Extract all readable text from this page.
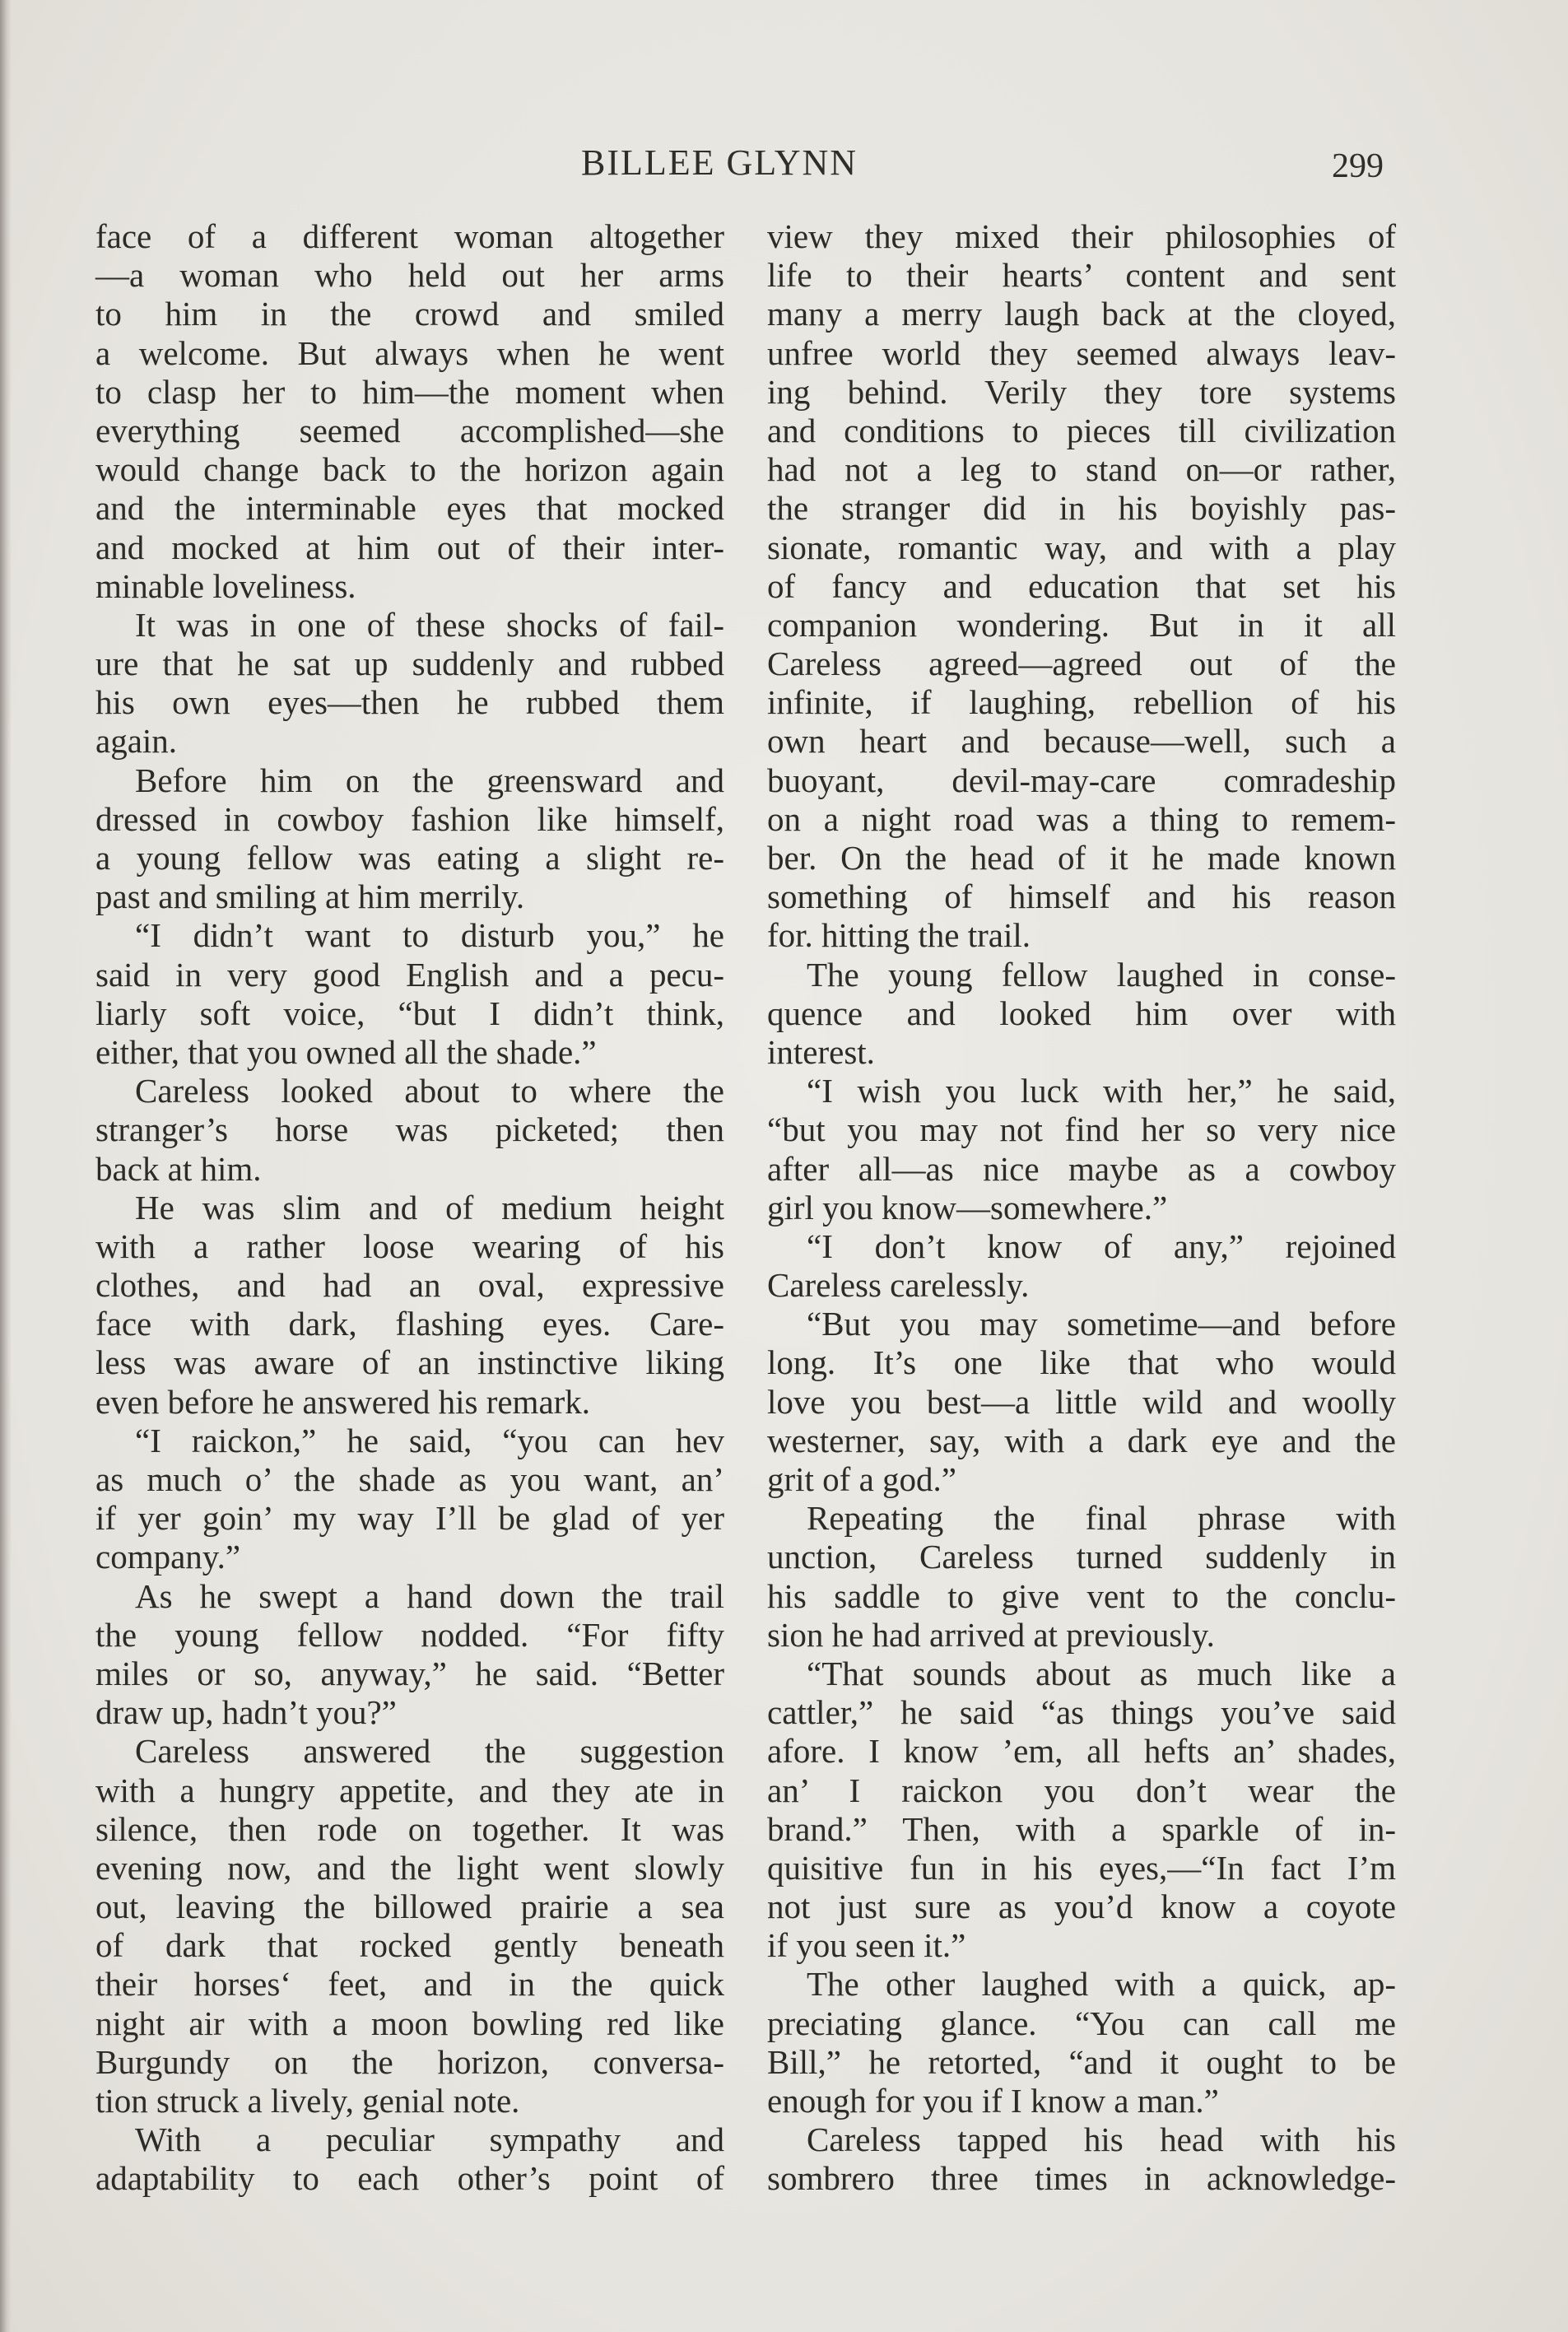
BILLEE GLYNN	299
face of a different woman altogether
—a woman who held out her arms
to him in the crowd and smiled
a welcome. But always when he went
to clasp her to him—the moment when
everything seemed accomplished—she
would change back to the horizon again
and the interminable eyes that mocked
and mocked at him out of their inter-
minable loveliness.
It was in one of these shocks of fail-
ure that he sat up suddenly and rubbed
his own eyes—then he rubbed them
again.
Before him on the greensward and
dressed in cowboy fashion like himself,
a young fellow was eating a slight re-
past and smiling at him merrily.
“I didn’t want to disturb you,” he
said in very good English and a pecu-
liarly soft voice, “but I didn’t think,
either, that you owned all the shade.”
Careless looked about to where the
stranger’s horse was picketed; then
back at him.
He was slim and of medium height
with a rather loose wearing of his
clothes, and had an oval, expressive
face with dark, flashing eyes. Care-
less was aware of an instinctive liking
even before he answered his remark.
“I raickon,” he said, “you can hev
as much o’ the shade as you want, an’
if yer goin’ my way I’ll be glad of yer
company.”
As he swept a hand down the trail
the young fellow nodded. “For fifty
miles or so, anyway,” he said. “Better
draw up, hadn’t you?”
Careless answered the suggestion
with a hungry appetite, and they ate in
silence, then rode on together. It was
evening now, and the light went slowly
out, leaving the billowed prairie a sea
of dark that rocked gently beneath
their horses‘ feet, and in the quick
night air with a moon bowling red like
Burgundy on the horizon, conversa-
tion struck a lively, genial note.
With a peculiar sympathy and
adaptability to each other’s point of
view they mixed their philosophies of
life to their hearts’ content and sent
many a merry laugh back at the cloyed,
unfree world they seemed always leav-
ing behind. Verily they tore systems
and conditions to pieces till civilization
had not a leg to stand on—or rather,
the stranger did in his boyishly pas-
sionate, romantic way, and with a play
of fancy and education that set his
companion wondering. But in it all
Careless agreed—agreed out of the
infinite, if laughing, rebellion of his
own heart and because—well, such a
buoyant, devil-may-care comradeship
on a night road was a thing to remem-
ber. On the head of it he made known
something of himself and his reason
for. hitting the trail.
The young fellow laughed in conse-
quence and looked him over with
interest.
“I wish you luck with her,” he said,
“but you may not find her so very nice
after all—as nice maybe as a cowboy
girl you know—somewhere.”
“I don’t know of any,” rejoined
Careless carelessly.
“But you may sometime—and before
long. It’s one like that who would
love you best—a little wild and woolly
westerner, say, with a dark eye and the
grit of a god.”
Repeating the final phrase with
unction, Careless turned suddenly in
his saddle to give vent to the conclu-
sion he had arrived at previously.
“That sounds about as much like a
cattler,” he said “as things you’ve said
afore. I know ’em, all hefts an’ shades,
an’ I raickon you don’t wear the
brand.” Then, with a sparkle of in-
quisitive fun in his eyes,—“In fact I’m
not just sure as you’d know a coyote
if you seen it.”
The other laughed with a quick, ap-
preciating glance. “You can call me
Bill,” he retorted, “and it ought to be
enough for you if I know a man.”
Careless tapped his head with his
sombrero three times in acknowledge-
